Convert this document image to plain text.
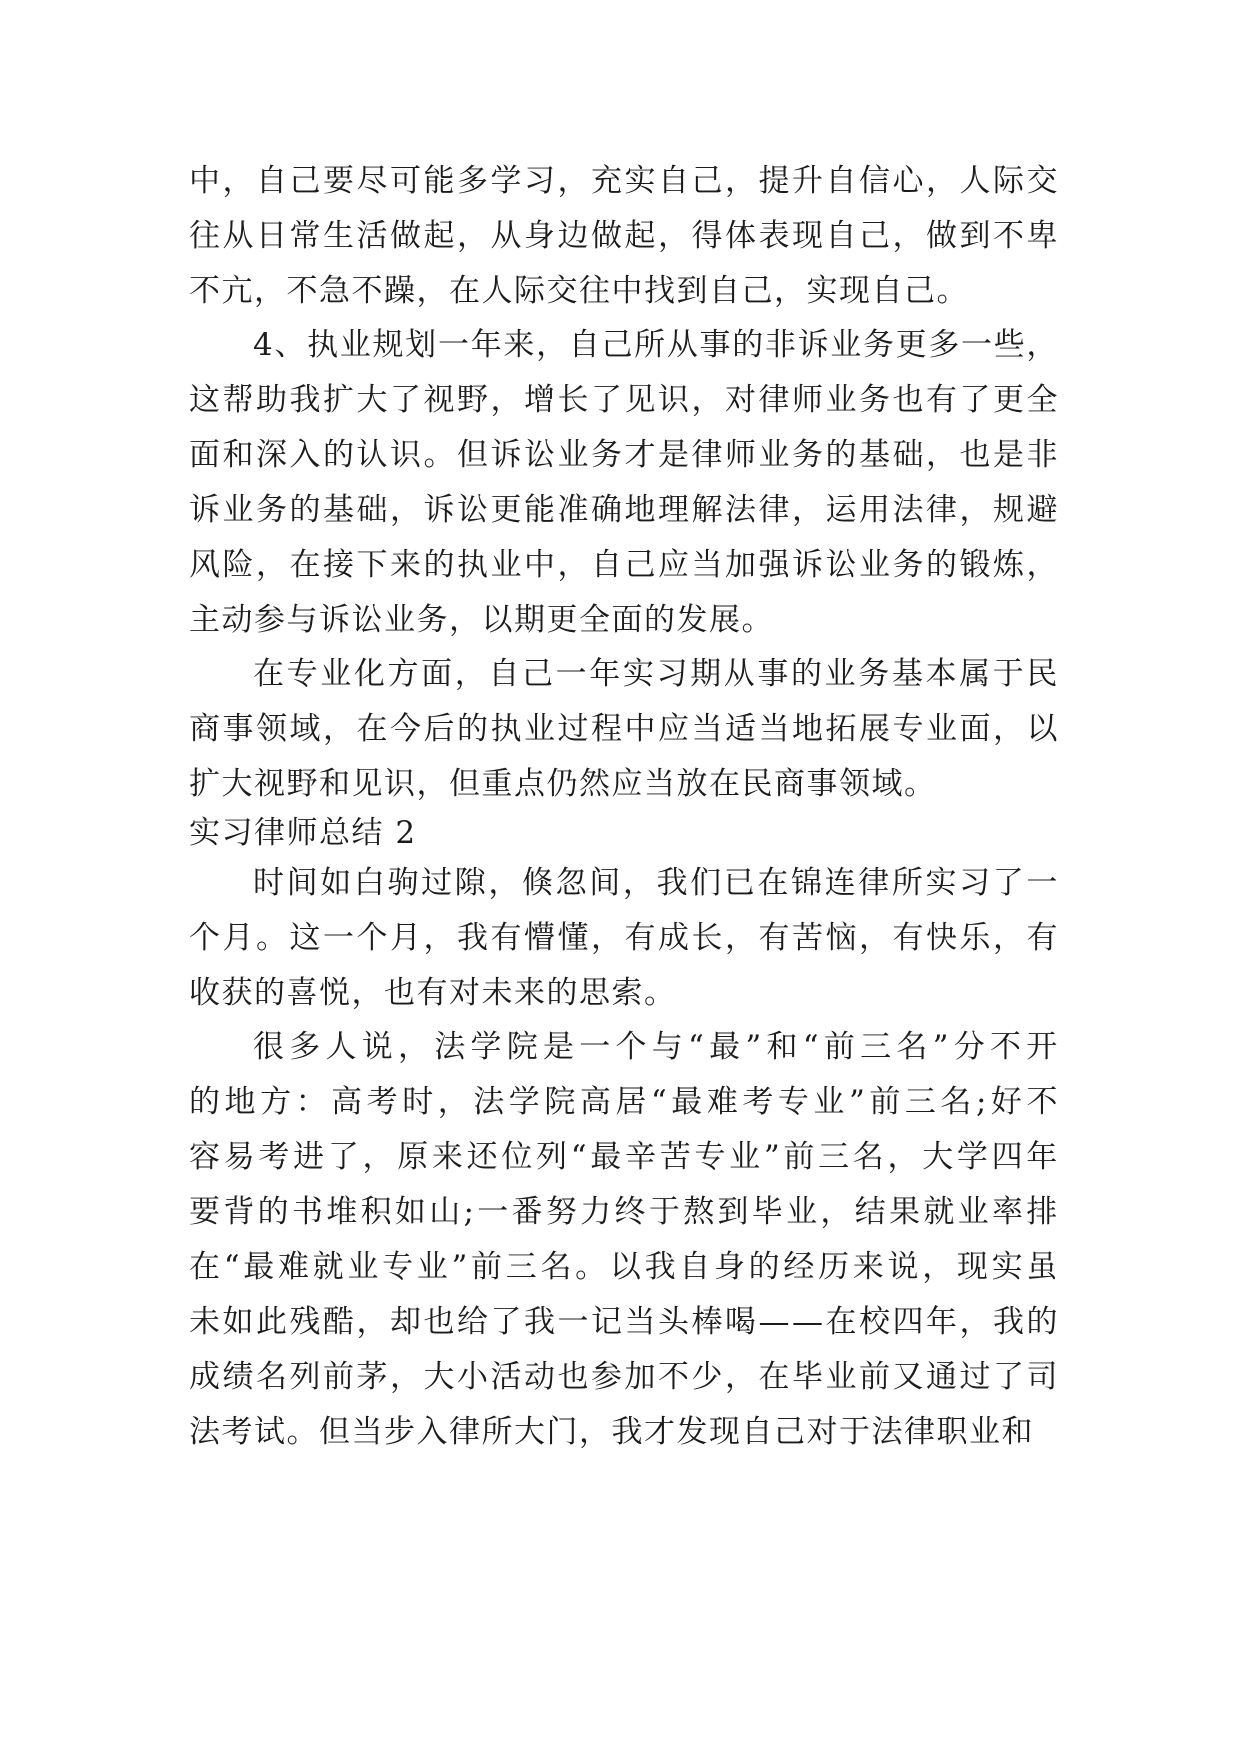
中 ， 自 己 要 尽 可 能 多 学 习 ， 充 实 自 己 ， 提 升 自 信 心 ， 人 际 交
往 从 日 常 生 活 做 起 ， 从 身 边 做 起 ， 得 体 表 现 自 己 ， 做 到 不 卑
不亢，不急不躁，在人际交往中找到自己，实现自己。
4 、 执 业 规 划 一 年 来 ， 自 己 所 从 事 的 非 诉 业 务 更 多 一 些 ，
这 帮 助 我 扩 大 了 视 野 ， 增 长 了 见 识 ， 对 律 师 业 务 也 有 了 更 全
面 和 深 入 的 认 识 。 但 诉 讼 业 务 才 是 律 师 业 务 的 基 础 ， 也 是 非
诉 业 务 的 基 础 ， 诉 讼 更 能 准 确 地 理 解 法 律 ， 运 用 法 律 ， 规 避
风 险 ， 在 接 下 来 的 执 业 中 ， 自 己 应 当 加 强 诉 讼 业 务 的 锻 炼 ，
主动参与诉讼业务，以期更全面的发展。
在 专 业 化 方 面 ， 自 己 一 年 实 习 期 从 事 的 业 务 基 本 属 于 民
商 事 领 域 ， 在 今 后 的 执 业 过 程 中 应 当 适 当 地 拓 展 专 业 面 ， 以
扩大视野和见识，但重点仍然应当放在民商事领域。
实习律师总结 2
时 间 如 白 驹 过 隙 ， 倏 忽 间 ， 我 们 已 在 锦 连 律 所 实 习 了 一
个 月 。 这 一 个 月 ， 我 有 懵 懂 ， 有 成 长 ， 有 苦 恼 ， 有 快 乐 ， 有
收获的喜悦，也有对未来的思索。
很 多 人 说 ， 法 学 院 是 一 个 与 “ 最 ” 和 “ 前 三 名 ” 分 不 开
的 地 方 ： 高 考 时 ， 法 学 院 高 居 “ 最 难 考 专 业 ” 前 三 名 ; 好 不
容 易 考 进 了 ， 原 来 还 位 列 “ 最 辛 苦 专 业 ” 前 三 名 ， 大 学 四 年
要 背 的 书 堆 积 如 山 ; 一 番 努 力 终 于 熬 到 毕 业 ， 结 果 就 业 率 排
在 “ 最 难 就 业 专 业 ” 前 三 名 。 以 我 自 身 的 经 历 来 说 ， 现 实 虽
未 如 此 残 酷 ， 却 也 给 了 我 一 记 当 头 棒 喝 — — 在 校 四 年 ， 我 的
成 绩 名 列 前 茅 ， 大 小 活 动 也 参 加 不 少 ， 在 毕 业 前 又 通 过 了 司
法考试。但当步入律所大门，我才发现自己对于法律职业和
